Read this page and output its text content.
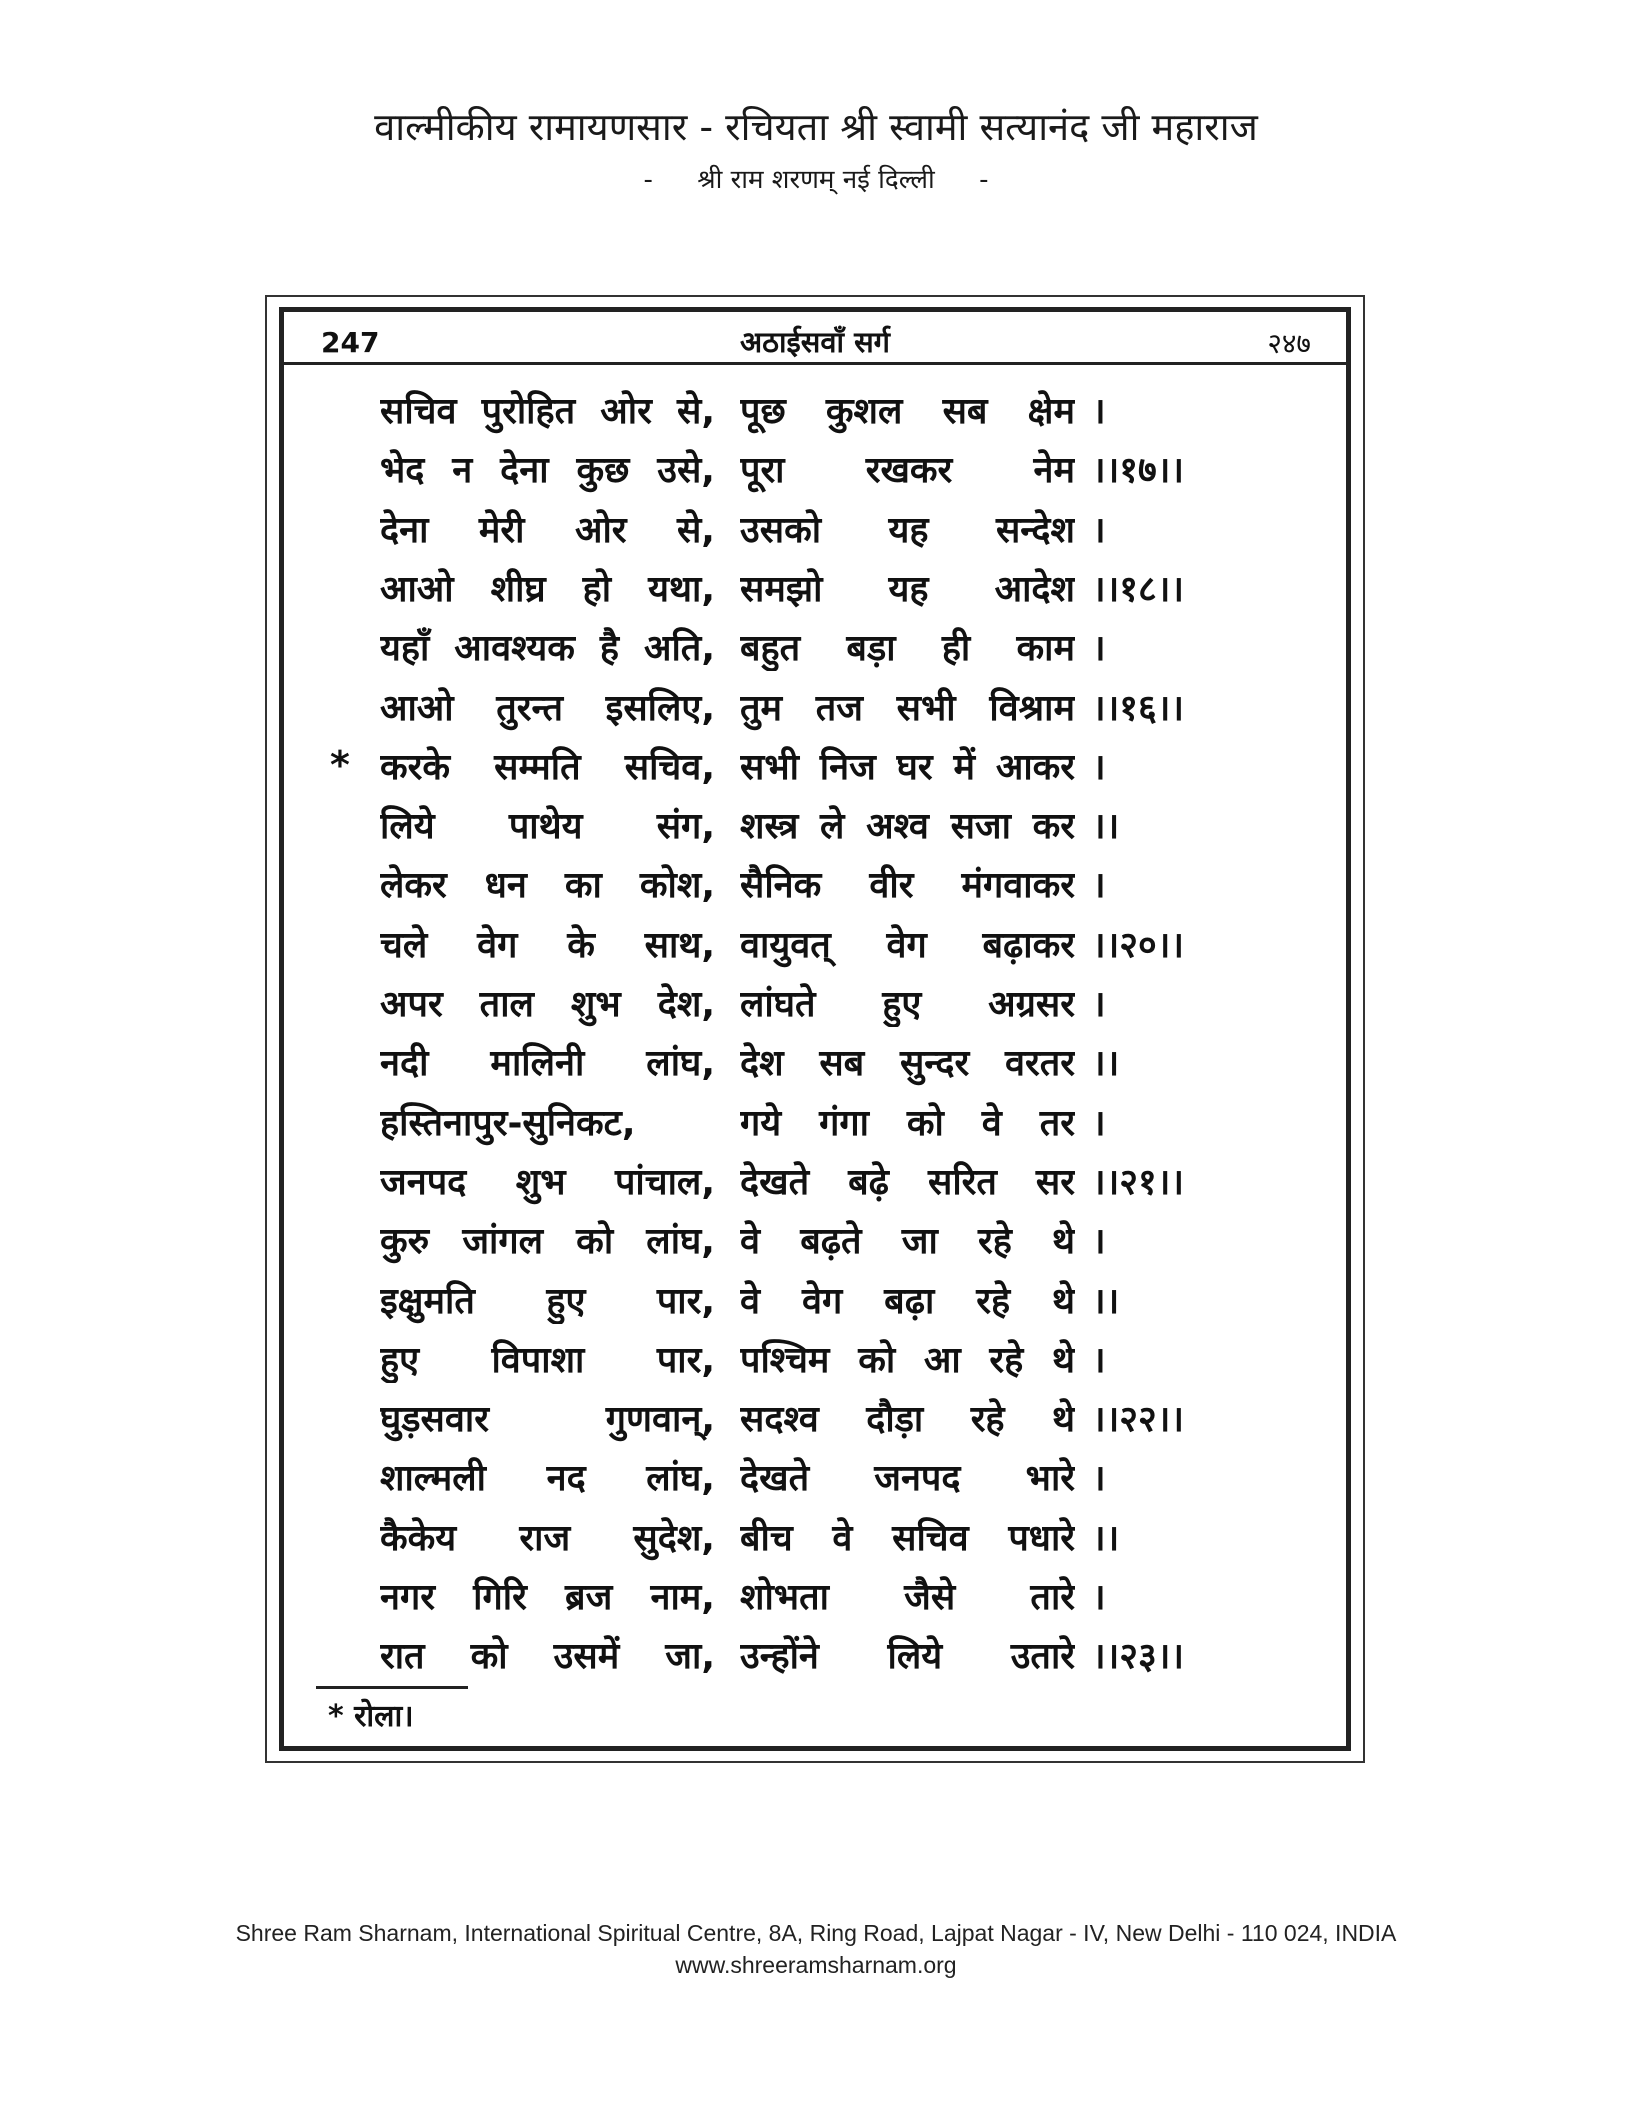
वाल्मीकीय रामायणसार - रचियता श्री स्वामी सत्यानंद जी महाराज
- श्री राम शरणम् नई दिल्ली -
247	अठाईसवाँ सर्ग	२४७
सचिव पुरोहित ओर से, पूछ कुशल सब क्षेम ।
भेद न देना कुछ उसे, पूरा रखकर नेम ।।१७।।
देना मेरी ओर से, उसको यह सन्देश ।
आओ शीघ्र हो यथा, समझो यह आदेश ।।१८।।
यहाँ आवश्यक है अति, बहुत बड़ा ही काम ।
आओ तुरन्त इसलिए, तुम तज सभी विश्राम ।।१६।।
* करके सम्मति सचिव, सभी निज घर में आकर ।
लिये पाथेय संग, शस्त्र ले अश्व सजा कर ।।
लेकर धन का कोश, सैनिक वीर मंगवाकर ।
चले वेग के साथ, वायुवत् वेग बढ़ाकर ।।२०।।
अपर ताल शुभ देश, लांघते हुए अग्रसर ।
नदी मालिनी लांघ, देश सब सुन्दर वरतर ।।
हस्तिनापुर-सुनिकट,	गये गंगा को वे तर ।
जनपद शुभ पांचाल, देखते बढ़े सरित सर ।।२१।।
कुरु जांगल को लांघ, वे बढ़ते जा रहे थे ।
इक्षुमति हुए पार, वे वेग बढ़ा रहे थे ।।
हुए विपाशा पार, पश्चिम को आ रहे थे ।
घुड़सवार गुणवान्, सदश्व दौड़ा रहे थे ।।२२।।
शाल्मली नद लांघ, देखते जनपद भारे ।
कैकेय राज सुदेश, बीच वे सचिव पधारे ।।
नगर गिरि ब्रज नाम, शोभता जैसे तारे ।
रात को उसमें जा, उन्होंने लिये उतारे ।।२३।।
* रोला।
Shree Ram Sharnam, International Spiritual Centre, 8A, Ring Road, Lajpat Nagar - IV, New Delhi - 110 024, INDIA
www.shreeramsharnam.org
